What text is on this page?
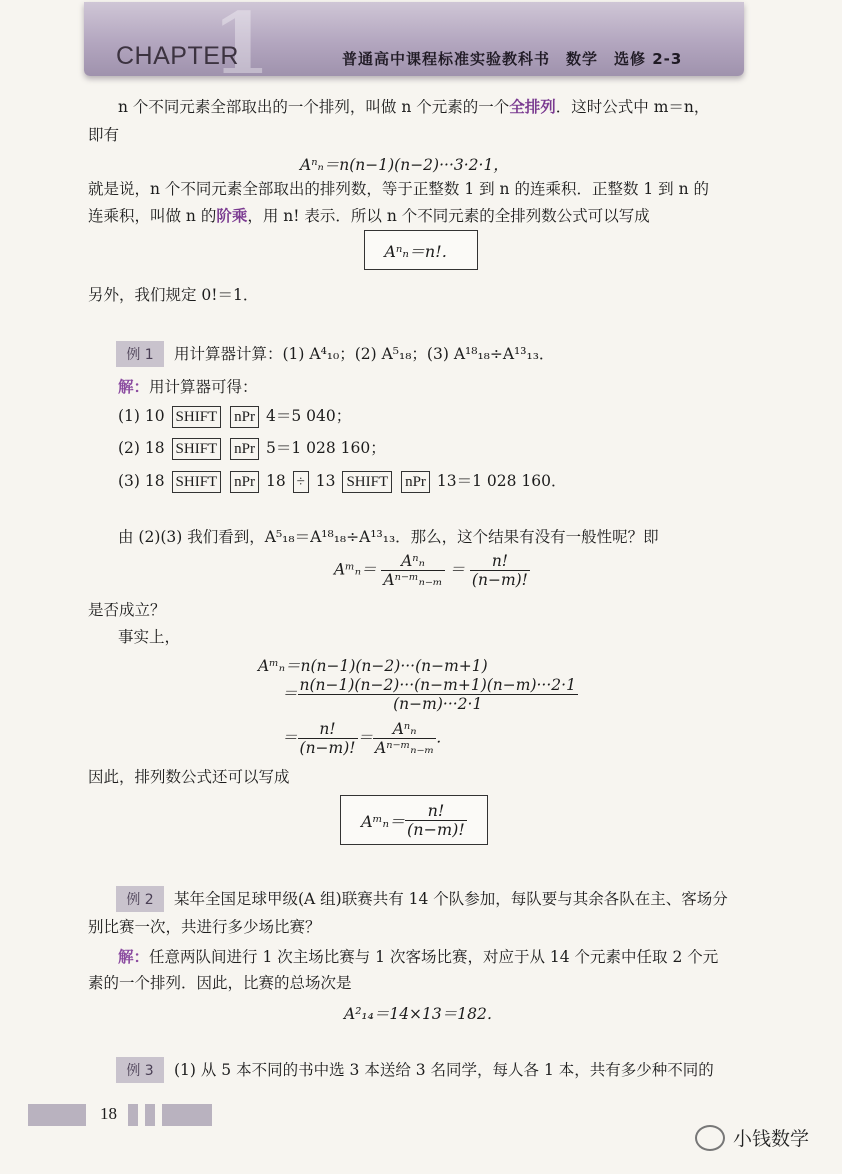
1
CHAPTER	普通高中课程标准实验教科书　数学　选修 2-3
n 个不同元素全部取出的一个排列，叫做 n 个元素的一个全排列．这时公式中 m＝n，
即有
Aⁿₙ＝n(n−1)(n−2)···3·2·1，
就是说，n 个不同元素全部取出的排列数，等于正整数 1 到 n 的连乘积．正整数 1 到 n 的
连乘积，叫做 n 的阶乘，用 n! 表示．所以 n 个不同元素的全排列数公式可以写成
Aⁿₙ＝n!．
另外，我们规定 0!＝1．
例 1	用计算器计算：(1) A⁴₁₀；(2) A⁵₁₈；(3) A¹⁸₁₈÷A¹³₁₃．
解：用计算器可得：
(1) 10 SHIFT nPr 4＝5 040；
(2) 18 SHIFT nPr 5＝1 028 160；
(3) 18 SHIFT nPr 18 ÷ 13 SHIFT nPr 13＝1 028 160．
由 (2)(3) 我们看到，A⁵₁₈＝A¹⁸₁₈÷A¹³₁₃．那么，这个结果有没有一般性呢？即
Aᵐₙ＝ $\frac{\text{Aⁿₙ}}{\text{Aⁿ⁻ᵐₙ₋ₘ}} = \frac{n!}{(n-m)!}$
是否成立？
事实上，
Aᵐₙ＝n(n−1)(n−2)···(n−m+1)
＝ $\frac{n(n-1)(n-2)\cdot\cdot\cdot(n-m+1)(n-m)\cdot\cdot\cdot 2\cdot 1}{(n-m)\cdot\cdot\cdot 2\cdot 1}$
＝ $\frac{n!}{(n-m)!} = \frac{\text{Aⁿₙ}}{\text{Aⁿ⁻ᵐₙ₋ₘ}}$ ．
因此，排列数公式还可以写成
Aᵐₙ＝ $\frac{n!}{(n-m)!}$
例 2	某年全国足球甲级(A 组)联赛共有 14 个队参加，每队要与其余各队在主、客场分
别比赛一次，共进行多少场比赛？
解：任意两队间进行 1 次主场比赛与 1 次客场比赛，对应于从 14 个元素中任取 2 个元
素的一个排列．因此，比赛的总场次是
A²₁₄＝14×13＝182．
例 3	(1) 从 5 本不同的书中选 3 本送给 3 名同学，每人各 1 本，共有多少种不同的
18
小钱数学
